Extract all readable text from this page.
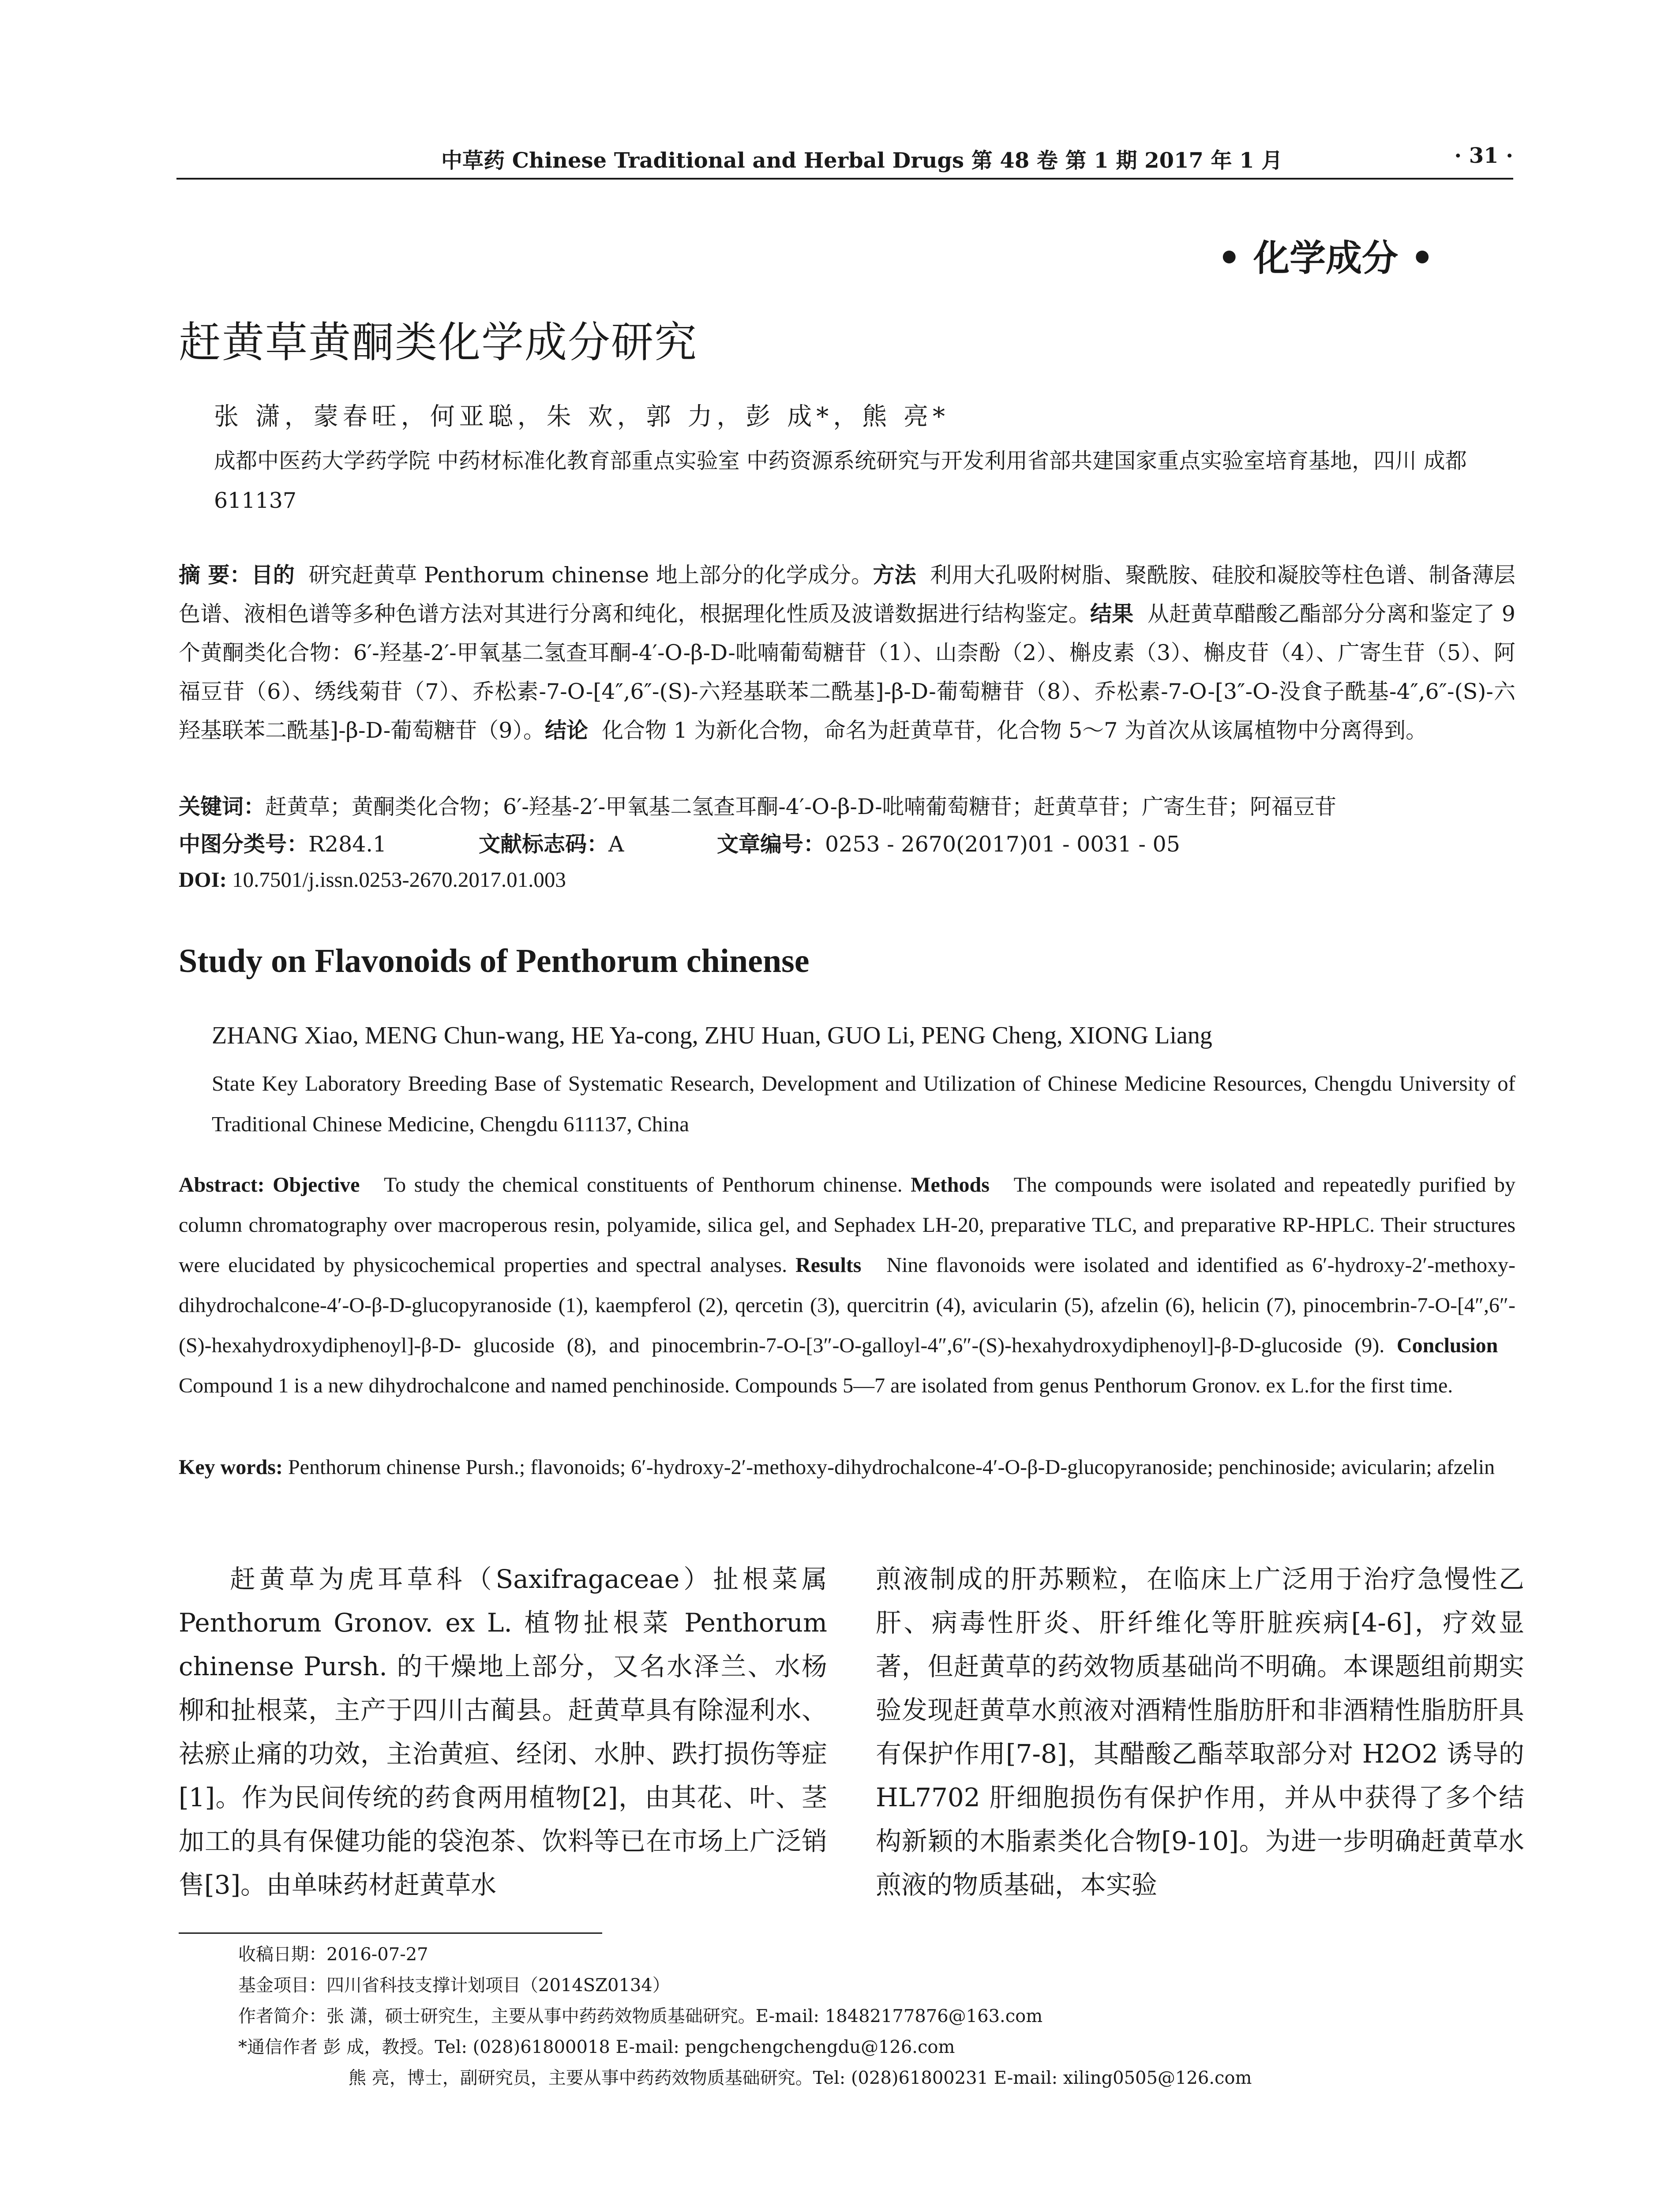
中草药 Chinese Traditional and Herbal Drugs 第 48 卷 第 1 期 2017 年 1 月	· 31 ·
• 化学成分 •
赶黄草黄酮类化学成分研究
张 潇，蒙春旺，何亚聪，朱 欢，郭 力，彭 成*，熊 亮*
成都中医药大学药学院 中药材标准化教育部重点实验室 中药资源系统研究与开发利用省部共建国家重点实验室培育基地，四川 成都 611137
摘 要：目的 研究赶黄草 Penthorum chinense 地上部分的化学成分。方法 利用大孔吸附树脂、聚酰胺、硅胶和凝胶等柱色谱、制备薄层色谱、液相色谱等多种色谱方法对其进行分离和纯化，根据理化性质及波谱数据进行结构鉴定。结果 从赶黄草醋酸乙酯部分分离和鉴定了 9 个黄酮类化合物：6′-羟基-2′-甲氧基二氢查耳酮-4′-O-β-D-吡喃葡萄糖苷（1）、山柰酚（2）、槲皮素（3）、槲皮苷（4）、广寄生苷（5）、阿福豆苷（6）、绣线菊苷（7）、乔松素-7-O-[4″,6″-(S)-六羟基联苯二酰基]-β-D-葡萄糖苷（8）、乔松素-7-O-[3″-O-没食子酰基-4″,6″-(S)-六羟基联苯二酰基]-β-D-葡萄糖苷（9）。结论 化合物 1 为新化合物，命名为赶黄草苷，化合物 5～7 为首次从该属植物中分离得到。
关键词：赶黄草；黄酮类化合物；6′-羟基-2′-甲氧基二氢查耳酮-4′-O-β-D-吡喃葡萄糖苷；赶黄草苷；广寄生苷；阿福豆苷
中图分类号：R284.1	文献标志码：A	文章编号：0253 - 2670(2017)01 - 0031 - 05
DOI: 10.7501/j.issn.0253-2670.2017.01.003
Study on Flavonoids of Penthorum chinense
ZHANG Xiao, MENG Chun-wang, HE Ya-cong, ZHU Huan, GUO Li, PENG Cheng, XIONG Liang
State Key Laboratory Breeding Base of Systematic Research, Development and Utilization of Chinese Medicine Resources, Chengdu University of Traditional Chinese Medicine, Chengdu 611137, China
Abstract: Objective To study the chemical constituents of Penthorum chinense. Methods The compounds were isolated and repeatedly purified by column chromatography over macroperous resin, polyamide, silica gel, and Sephadex LH-20, preparative TLC, and preparative RP-HPLC. Their structures were elucidated by physicochemical properties and spectral analyses. Results Nine flavonoids were isolated and identified as 6′-hydroxy-2′-methoxy-dihydrochalcone-4′-O-β-D-glucopyranoside (1), kaempferol (2), qercetin (3), quercitrin (4), avicularin (5), afzelin (6), helicin (7), pinocembrin-7-O-[4″,6″-(S)-hexahydroxydiphenoyl]-β-D- glucoside (8), and pinocembrin-7-O-[3″-O-galloyl-4″,6″-(S)-hexahydroxydiphenoyl]-β-D-glucoside (9). Conclusion   Compound 1 is a new dihydrochalcone and named penchinoside. Compounds 5—7 are isolated from genus Penthorum Gronov. ex L.for the first time.
Key words: Penthorum chinense Pursh.; flavonoids; 6′-hydroxy-2′-methoxy-dihydrochalcone-4′-O-β-D-glucopyranoside; penchinoside; avicularin; afzelin
赶黄草为虎耳草科（Saxifragaceae）扯根菜属 Penthorum Gronov. ex L. 植物扯根菜 Penthorum chinense Pursh. 的干燥地上部分，又名水泽兰、水杨柳和扯根菜，主产于四川古蔺县。赶黄草具有除湿利水、祛瘀止痛的功效，主治黄疸、经闭、水肿、跌打损伤等症[1]。作为民间传统的药食两用植物[2]，由其花、叶、茎加工的具有保健功能的袋泡茶、饮料等已在市场上广泛销售[3]。由单味药材赶黄草水
煎液制成的肝苏颗粒，在临床上广泛用于治疗急慢性乙肝、病毒性肝炎、肝纤维化等肝脏疾病[4-6]，疗效显著，但赶黄草的药效物质基础尚不明确。本课题组前期实验发现赶黄草水煎液对酒精性脂肪肝和非酒精性脂肪肝具有保护作用[7-8]，其醋酸乙酯萃取部分对 H2O2 诱导的 HL7702 肝细胞损伤有保护作用，并从中获得了多个结构新颖的木脂素类化合物[9-10]。为进一步明确赶黄草水煎液的物质基础，本实验
收稿日期：2016-07-27
基金项目：四川省科技支撑计划项目（2014SZ0134）
作者简介：张 潇，硕士研究生，主要从事中药药效物质基础研究。E-mail: 18482177876@163.com
*通信作者 彭 成，教授。Tel: (028)61800018 E-mail: pengchengchengdu@126.com
熊 亮，博士，副研究员，主要从事中药药效物质基础研究。Tel: (028)61800231 E-mail: xiling0505@126.com
